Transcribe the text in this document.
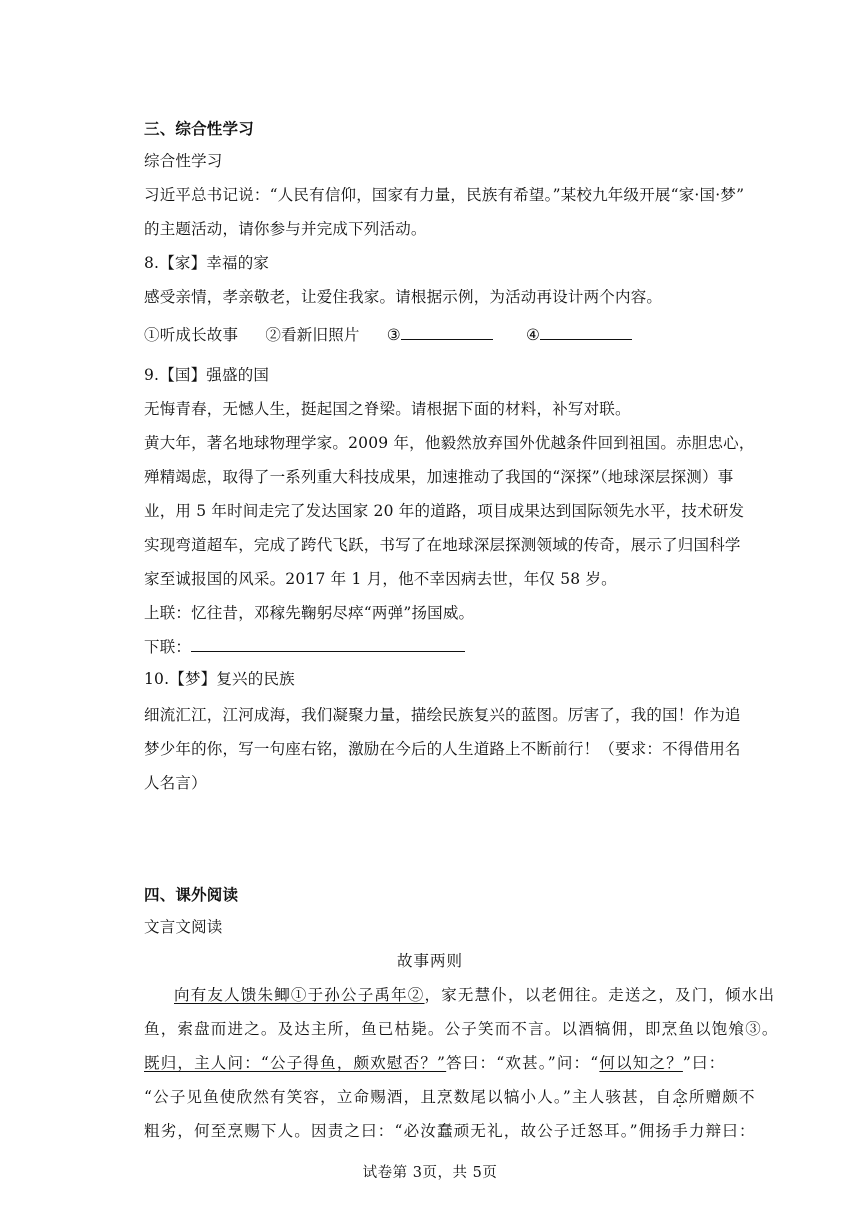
三、综合性学习
综合性学习
习近平总书记说：“人民有信仰，国家有力量，民族有希望。”某校九年级开展“家·国·梦”
的主题活动，请你参与并完成下列活动。
8.【家】幸福的家
感受亲情，孝亲敬老，让爱住我家。请根据示例，为活动再设计两个内容。
①听成长故事 ②看新旧照片 ③	④
9.【国】强盛的国
无悔青春，无憾人生，挺起国之脊梁。请根据下面的材料，补写对联。
黄大年，著名地球物理学家。2009 年，他毅然放弃国外优越条件回到祖国。赤胆忠心，
殚精竭虑，取得了一系列重大科技成果，加速推动了我国的“深探”（地球深层探测）事
业，用 5 年时间走完了发达国家 20 年的道路，项目成果达到国际领先水平，技术研发
实现弯道超车，完成了跨代飞跃，书写了在地球深层探测领域的传奇，展示了归国科学
家至诚报国的风采。2017 年 1 月，他不幸因病去世，年仅 58 岁。
上联：忆往昔，邓稼先鞠躬尽瘁“两弹”扬国威。
下联：
10.【梦】复兴的民族
细流汇江，江河成海，我们凝聚力量，描绘民族复兴的蓝图。厉害了，我的国！作为追
梦少年的你，写一句座右铭，激励在今后的人生道路上不断前行！（要求：不得借用名
人名言）
四、课外阅读
文言文阅读
故事两则
向有友人馈朱鲫①于孙公子禹年②，家无慧仆，以老佣往。走送之，及门，倾水出
鱼，索盘而进之。及达主所，鱼已枯毙。公子笑而不言。以酒犒佣，即烹鱼以饱飧③。
既归，主人问：“公子得鱼，颇欢慰否？”答曰：“欢甚。”问：“何以知之？”曰：
“公子见鱼使欣然有笑容，立命赐酒，且烹数尾以犒小人。”主人骇甚，自念所赠颇不
粗劣，何至烹赐下人。因责之曰：“必汝蠢顽无礼，故公子迁怒耳。”佣扬手力辩曰：
试卷第 3页，共 5页
